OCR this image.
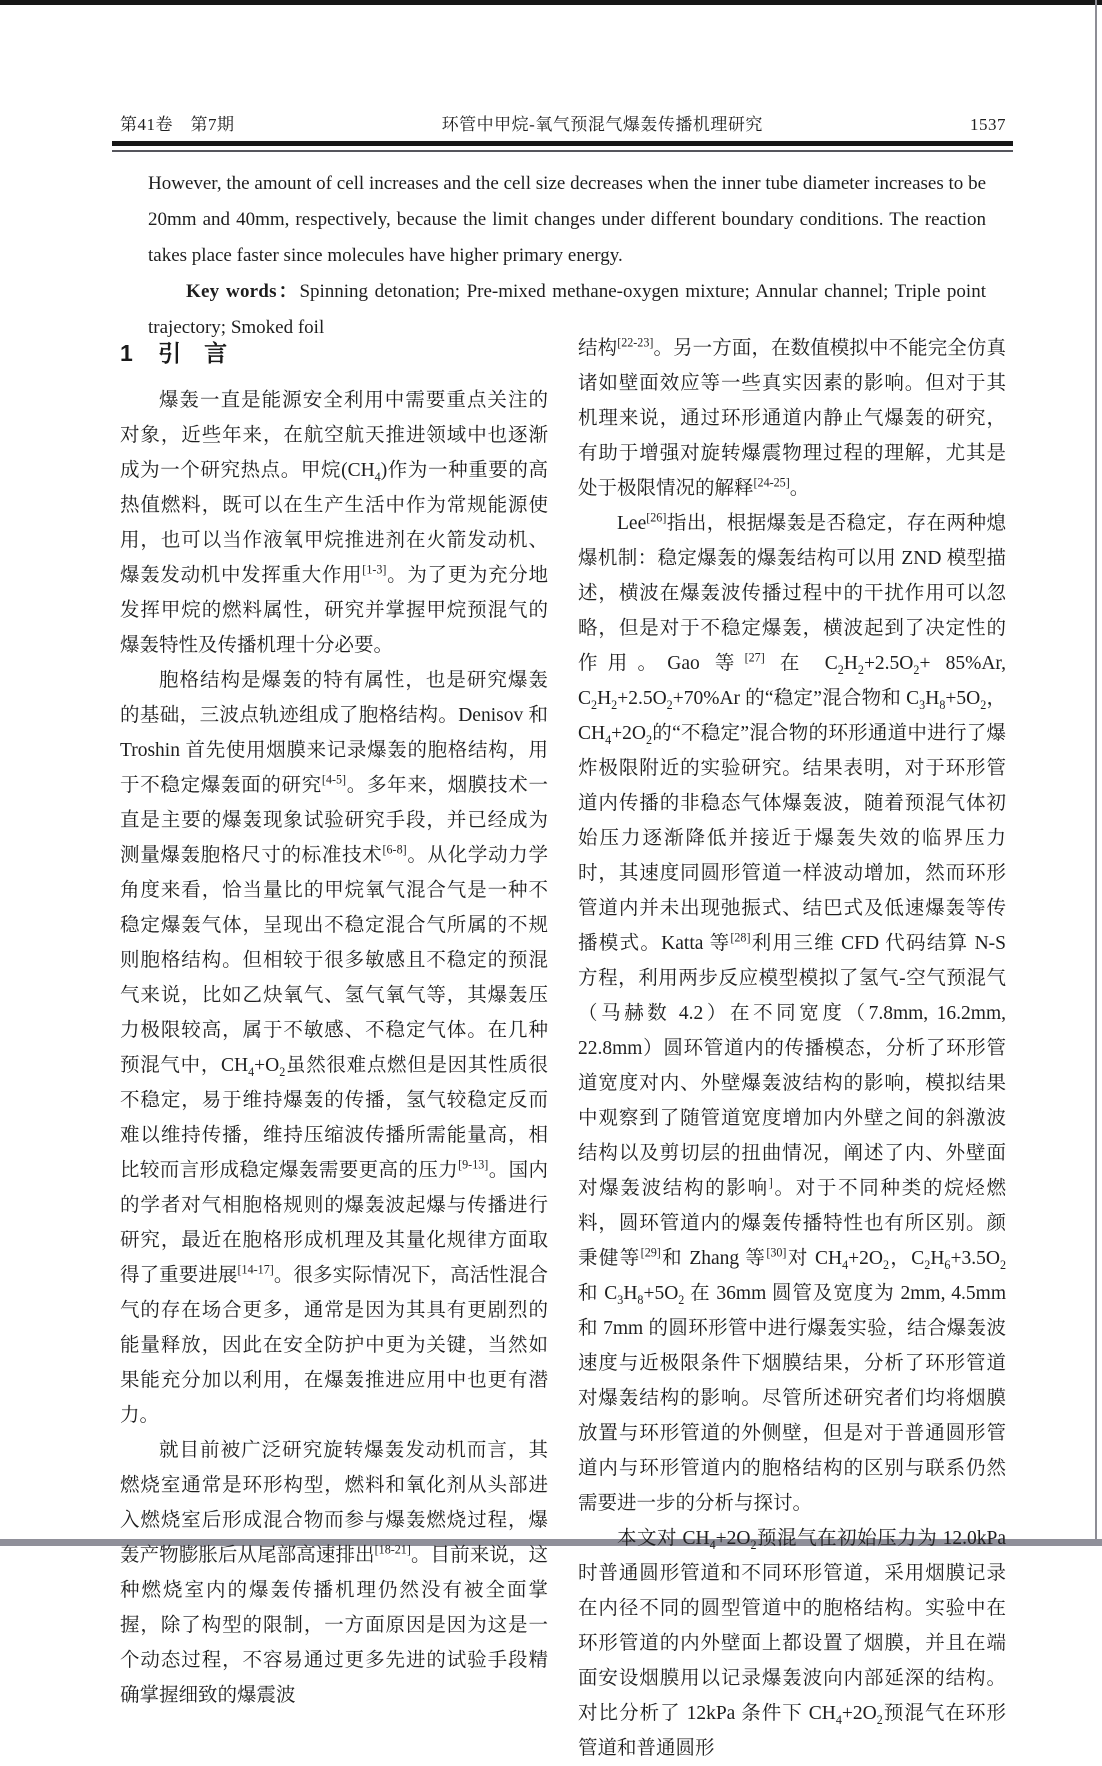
第41卷　第7期	环管中甲烷-氧气预混气爆轰传播机理研究	1537

However, the amount of cell increases and the cell size decreases when the inner tube diameter increases to be 20mm and 40mm, respectively, because the limit changes under different boundary conditions. The reaction takes place faster since molecules have higher primary energy.

Key words：Spinning detonation; Pre-mixed methane-oxygen mixture; Annular channel; Triple point trajectory; Smoked foil

1 引　言

爆轰一直是能源安全利用中需要重点关注的对象，近些年来，在航空航天推进领域中也逐渐成为一个研究热点。甲烷$(CH_4)$作为一种重要的高热值燃料，既可以在生产生活中作为常规能源使用，也可以当作液氧甲烷推进剂在火箭发动机、爆轰发动机中发挥重大作用[1-3]。为了更为充分地发挥甲烷的燃料属性，研究并掌握甲烷预混气的爆轰特性及传播机理十分必要。

胞格结构是爆轰的特有属性，也是研究爆轰的基础，三波点轨迹组成了胞格结构。Denisov 和 Troshin 首先使用烟膜来记录爆轰的胞格结构，用于不稳定爆轰面的研究[4-5]。多年来，烟膜技术一直是主要的爆轰现象试验研究手段，并已经成为测量爆轰胞格尺寸的标准技术[6-8]。从化学动力学角度来看，恰当量比的甲烷氧气混合气是一种不稳定爆轰气体，呈现出不稳定混合气所属的不规则胞格结构。但相较于很多敏感且不稳定的预混气来说，比如乙炔氧气、氢气氧气等，其爆轰压力极限较高，属于不敏感、不稳定气体。在几种预混气中，$CH_4+O_2$虽然很难点燃但是因其性质很不稳定，易于维持爆轰的传播，氢气较稳定反而难以维持传播，维持压缩波传播所需能量高，相比较而言形成稳定爆轰需要更高的压力[9-13]。国内的学者对气相胞格规则的爆轰波起爆与传播进行研究，最近在胞格形成机理及其量化规律方面取得了重要进展[14-17]。很多实际情况下，高活性混合气的存在场合更多，通常是因为其具有更剧烈的能量释放，因此在安全防护中更为关键，当然如果能充分加以利用，在爆轰推进应用中也更有潜力。

就目前被广泛研究旋转爆轰发动机而言，其燃烧室通常是环形构型，燃料和氧化剂从头部进入燃烧室后形成混合物而参与爆轰燃烧过程，爆轰产物膨胀后从尾部高速排出[18-21]。目前来说，这种燃烧室内的爆轰传播机理仍然没有被全面掌握，除了构型的限制，一方面原因是因为这是一个动态过程，不容易通过更多先进的试验手段精确掌握细致的爆震波

结构[22-23]。另一方面，在数值模拟中不能完全仿真诸如壁面效应等一些真实因素的影响。但对于其机理来说，通过环形通道内静止气爆轰的研究，有助于增强对旋转爆震物理过程的理解，尤其是处于极限情况的解释[24-25]。

Lee[26]指出，根据爆轰是否稳定，存在两种熄爆机制：稳定爆轰的爆轰结构可以用 ZND 模型描述，横波在爆轰波传播过程中的干扰作用可以忽略，但是对于不稳定爆轰，横波起到了决定性的作用。Gao 等[27] 在 $C_2H_2+2.5O_2+ 85\%Ar$, $C_2H_2+2.5O_2+70\%Ar$ 的“稳定”混合物和 $C_3H_8+5O_2$，$CH_4+2O_2$的“不稳定”混合物的环形通道中进行了爆炸极限附近的实验研究。结果表明，对于环形管道内传播的非稳态气体爆轰波，随着预混气体初始压力逐渐降低并接近于爆轰失效的临界压力时，其速度同圆形管道一样波动增加，然而环形管道内并未出现弛振式、结巴式及低速爆轰等传播模式。Katta 等[28]利用三维 CFD 代码结算 N-S 方程，利用两步反应模型模拟了氢气-空气预混气（马赫数 4.2）在不同宽度（7.8mm, 16.2mm, 22.8mm）圆环管道内的传播模态，分析了环形管道宽度对内、外壁爆轰波结构的影响，模拟结果中观察到了随管道宽度增加内外壁之间的斜激波结构以及剪切层的扭曲情况，阐述了内、外壁面对爆轰波结构的影响]。对于不同种类的烷烃燃料，圆环管道内的爆轰传播特性也有所区别。颜秉健等[29]和 Zhang 等[30]对 $CH_4+2O_2$，$C_2H_6+3.5O_2$ 和 $C_3H_8+5O_2$ 在 36mm 圆管及宽度为 2mm, 4.5mm 和 7mm 的圆环形管中进行爆轰实验，结合爆轰波速度与近极限条件下烟膜结果，分析了环形管道对爆轰结构的影响。尽管所述研究者们均将烟膜放置与环形管道的外侧壁，但是对于普通圆形管道内与环形管道内的胞格结构的区别与联系仍然需要进一步的分析与探讨。

本文对 $CH_4+2O_2$预混气在初始压力为 12.0kPa 时普通圆形管道和不同环形管道，采用烟膜记录在内径不同的圆型管道中的胞格结构。实验中在环形管道的内外壁面上都设置了烟膜，并且在端面安设烟膜用以记录爆轰波向内部延深的结构。对比分析了 12kPa 条件下 $CH_4+2O_2$预混气在环形管道和普通圆形
